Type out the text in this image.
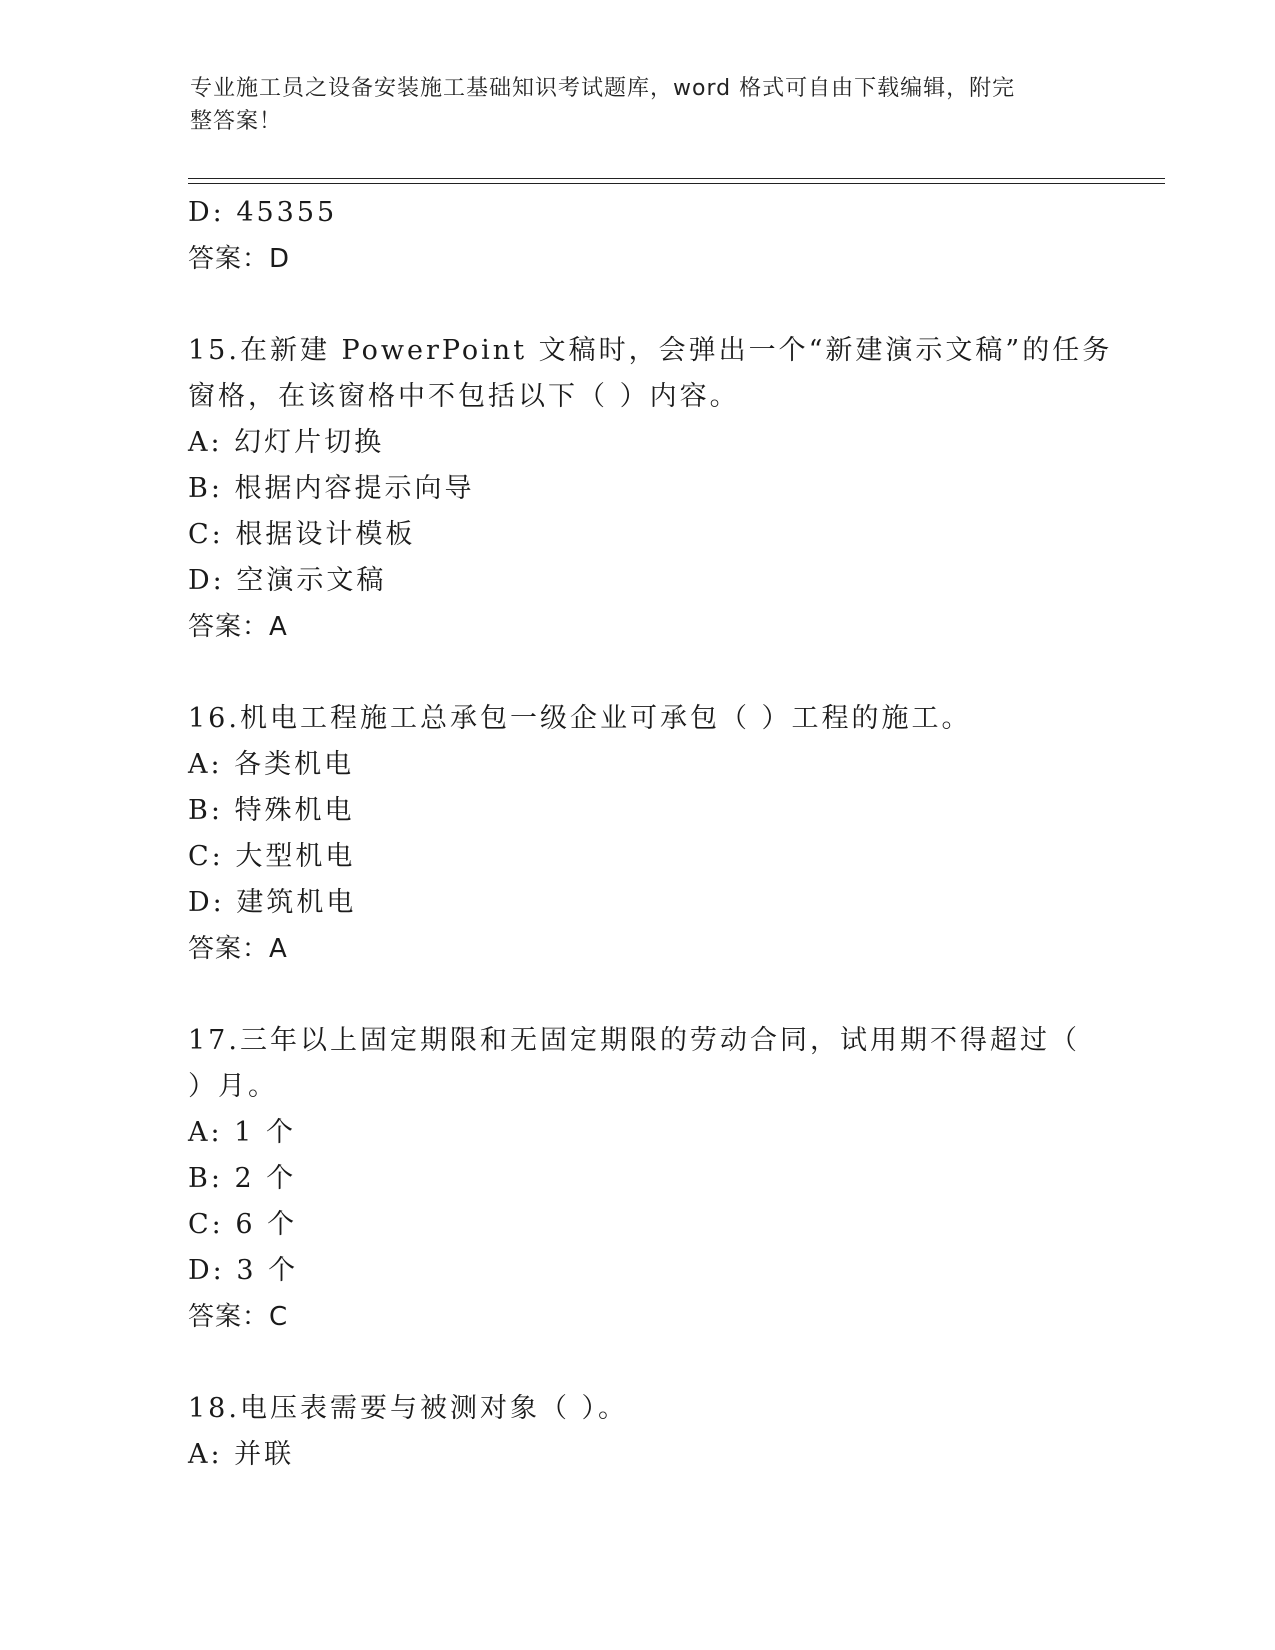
专业施工员之设备安装施工基础知识考试题库，word 格式可自由下载编辑，附完
整答案！
D: 45355
答案：D
15.在新建 PowerPoint 文稿时，会弹出一个“新建演示文稿”的任务
窗格，在该窗格中不包括以下（ ）内容。
A: 幻灯片切换
B: 根据内容提示向导
C: 根据设计模板
D: 空演示文稿
答案：A
16.机电工程施工总承包一级企业可承包（ ）工程的施工。
A: 各类机电
B: 特殊机电
C: 大型机电
D: 建筑机电
答案：A
17.三年以上固定期限和无固定期限的劳动合同，试用期不得超过（
）月。
A: 1 个
B: 2 个
C: 6 个
D: 3 个
答案：C
18.电压表需要与被测对象（ ）。
A: 并联
